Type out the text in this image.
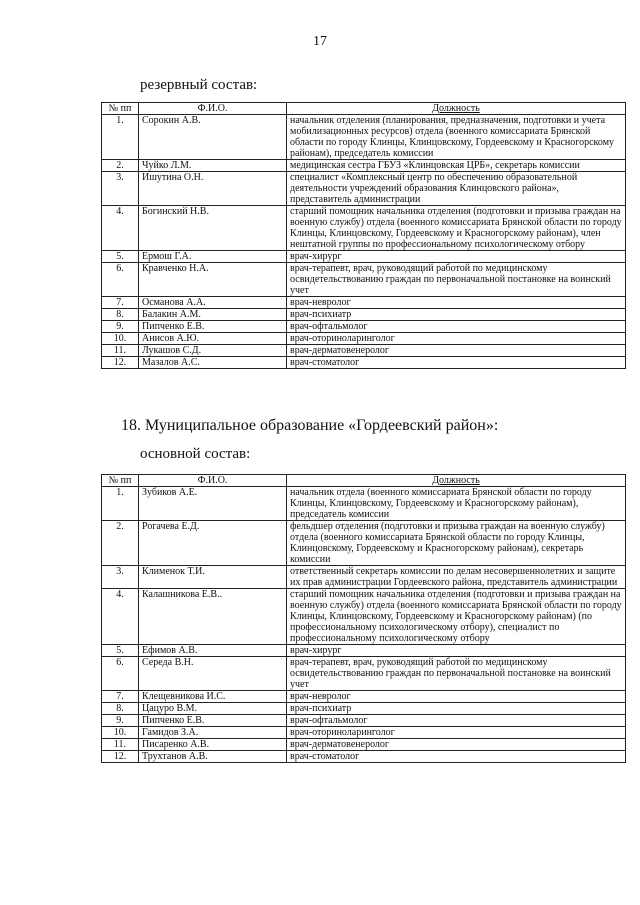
17
резервный состав:
№ пп	Ф.И.О.	Должность
1.	Сорокин А.В.	начальник отделения (планирования, предназначения, подготовки и учета мобилизационных ресурсов) отдела (военного комиссариата Брянской области по городу Клинцы, Клинцовскому, Гордеевскому и Красногорскому районам), председатель комиссии
2.	Чуйко Л.М.	медицинская сестра ГБУЗ «Клинцовская ЦРБ», секретарь комиссии
3.	Ишутина О.Н.	специалист «Комплексный центр по обеспечению образовательной деятельности учреждений образования Клинцовского района», представитель администрации
4.	Богинский Н.В.	старший помощник начальника отделения (подготовки и призыва граждан на военную службу) отдела (военного комиссариата Брянской области по городу Клинцы, Клинцовскому, Гордеевскому и Красногорскому районам), член нештатной группы по профессиональному психологическому отбору
5.	Ермош Г.А.	врач-хирург
6.	Кравченко Н.А.	врач-терапевт, врач, руководящий работой по медицинскому освидетельствованию граждан по первоначальной постановке на воинский учет
7.	Османова А.А.	врач-невролог
8.	Балакин А.М.	врач-психиатр
9.	Пипченко Е.В.	врач-офтальмолог
10.	Анисов А.Ю.	врач-оториноларинголог
11.	Лукашов С.Д.	врач-дерматовенеролог
12.	Мазалов А.С.	врач-стоматолог
18. Муниципальное образование «Гордеевский район»:
основной состав:
№ пп	Ф.И.О.	Должность
1.	Зубиков А.Е.	начальник отдела (военного комиссариата Брянской области по городу Клинцы, Клинцовскому, Гордеевскому и Красногорскому районам), председатель комиссии
2.	Рогачева Е.Д.	фельдшер отделения (подготовки и призыва граждан на военную службу) отдела (военного комиссариата Брянской области по городу Клинцы, Клинцовскому, Гордеевскому и Красногорскому районам), секретарь комиссии
3.	Клименок Т.И.	ответственный секретарь комиссии по делам несовершеннолетних и защите их прав администрации Гордеевского района, представитель администрации
4.	Калашникова Е.В..	старший помощник начальника отделения (подготовки и призыва граждан на военную службу) отдела (военного комиссариата Брянской области по городу Клинцы, Клинцовскому, Гордеевскому и Красногорскому районам) (по профессиональному психологическому отбору), специалист по профессиональному психологическому отбору
5.	Ефимов А.В.	врач-хирург
6.	Середа В.Н.	врач-терапевт, врач, руководящий работой по медицинскому освидетельствованию граждан по первоначальной постановке на воинский учет
7.	Клещевникова И.С.	врач-невролог
8.	Цацуро В.М.	врач-психиатр
9.	Пипченко Е.В.	врач-офтальмолог
10.	Гамидов З.А.	врач-оториноларинголог
11.	Писаренко А.В.	врач-дерматовенеролог
12.	Трухтанов А.В.	врач-стоматолог
